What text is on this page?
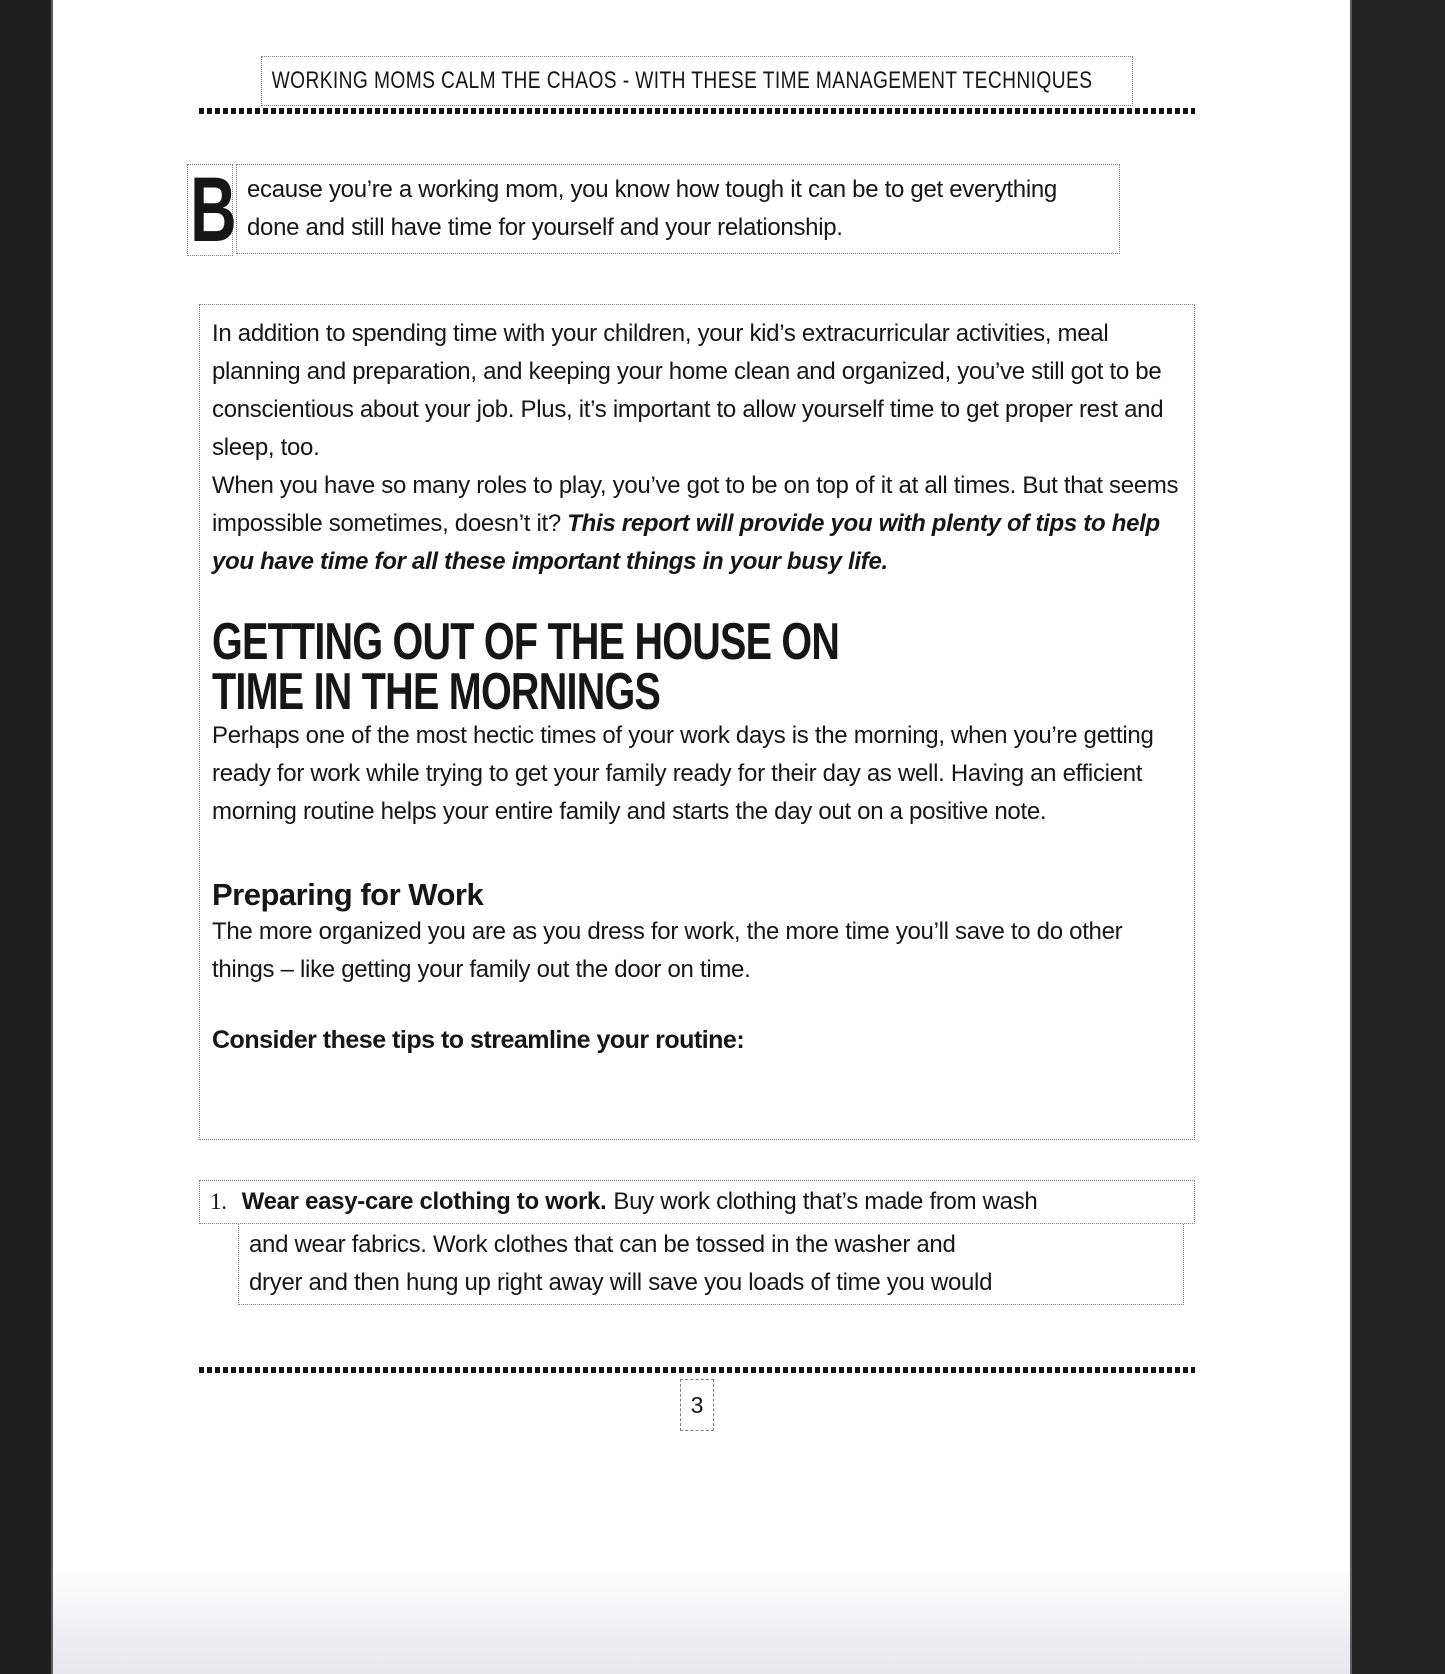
WORKING MOMS CALM THE CHAOS - WITH THESE TIME MANAGEMENT TECHNIQUES
B ecause you’re a working mom, you know how tough it can be to get everything done and still have time for yourself and your relationship.

In addition to spending time with your children, your kid’s extracurricular activities, meal planning and preparation, and keeping your home clean and organized, you’ve still got to be conscientious about your job. Plus, it’s important to allow yourself time to get proper rest and sleep, too.

When you have so many roles to play, you’ve got to be on top of it at all times. But that seems impossible sometimes, doesn’t it? This report will provide you with plenty of tips to help you have time for all these important things in your busy life.

GETTING OUT OF THE HOUSE ON
TIME IN THE MORNINGS

Perhaps one of the most hectic times of your work days is the morning, when you’re getting ready for work while trying to get your family ready for their day as well. Having an efficient morning routine helps your entire family and starts the day out on a positive note.

Preparing for Work

The more organized you are as you dress for work, the more time you’ll save to do other things – like getting your family out the door on time.

Consider these tips to streamline your routine:
1. Wear easy-care clothing to work. Buy work clothing that’s made from wash
and wear fabrics. Work clothes that can be tossed in the washer and
dryer and then hung up right away will save you loads of time you would
3
